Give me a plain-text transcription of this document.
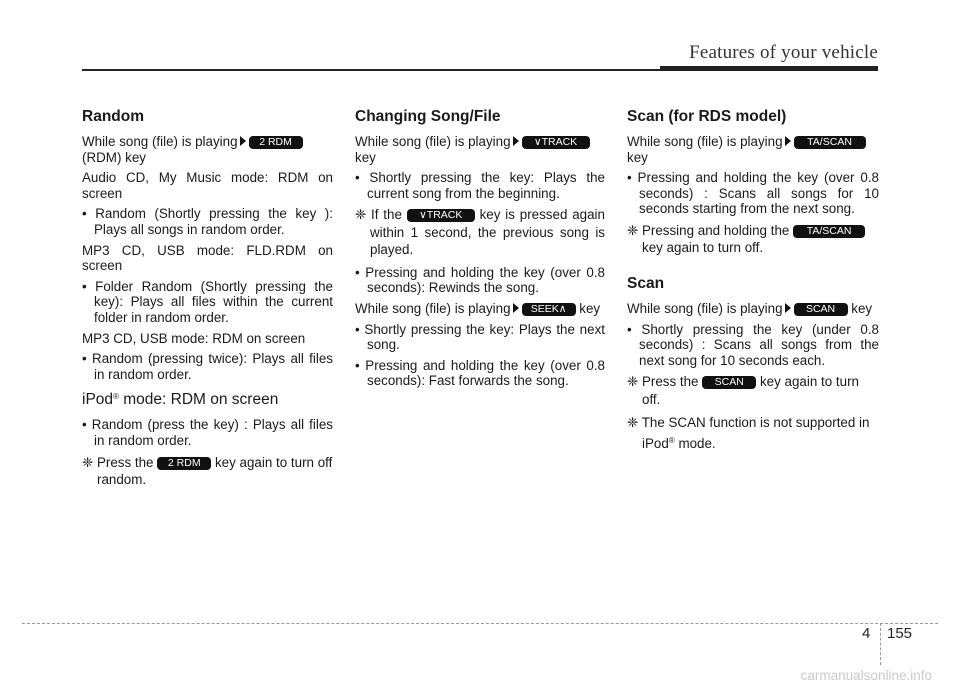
Features of your vehicle
Random

While song (file) is playing 2 RDM
(RDM) key

Audio CD, My Music mode: RDM on screen

• Random (Shortly pressing the key ): Plays all songs in random order.

MP3 CD, USB mode: FLD.RDM on screen

• Folder Random (Shortly pressing the key): Plays all files within the current folder in random order.

MP3 CD, USB mode: RDM on screen

• Random (pressing twice): Plays all files in random order.

iPod® mode: RDM on screen

• Random (press the key) : Plays all files in random order.

❈ Press the 2 RDM key again to turn off random.

Changing Song/File

While song (file) is playing ∨TRACK
key

• Shortly pressing the key: Plays the current song from the beginning.

❈ If the ∨TRACK key is pressed again within 1 second, the previous song is played.

• Pressing and holding the key (over 0.8 seconds): Rewinds the song.

While song (file) is playing SEEK∧ key

• Shortly pressing the key: Plays the next song.

• Pressing and holding the key (over 0.8 seconds): Fast forwards the song.

Scan (for RDS model)

While song (file) is playing TA/SCAN
key

• Pressing and holding the key (over 0.8 seconds) : Scans all songs for 10 seconds starting from the next song.

❈ Pressing and holding the TA/SCAN key again to turn off.

Scan

While song (file) is playing SCAN key

• Shortly pressing the key (under 0.8 seconds) : Scans all songs from the next song for 10 seconds each.

❈ Press the SCAN key again to turn off.

❈ The SCAN function is not supported in iPod® mode.

4 155
carmanualsonline.info
